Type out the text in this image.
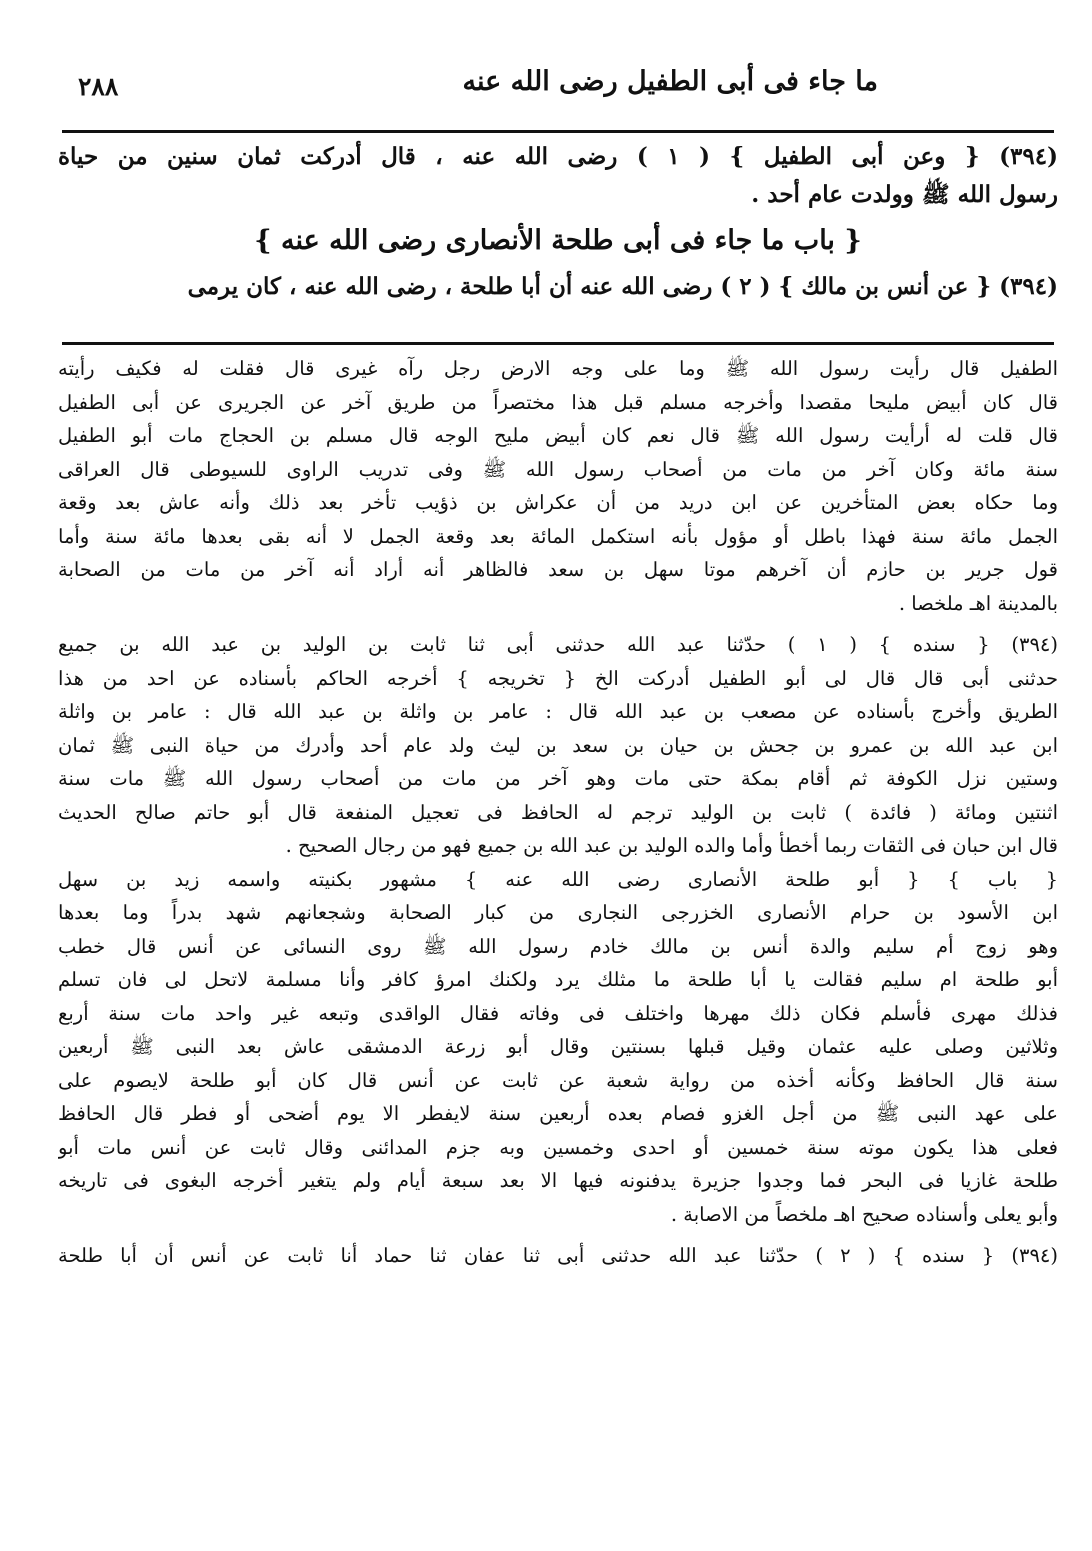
ما جاء فى أبى الطفيل رضى الله عنه
٢٨٨
(٣٩٤) { وعن أبى الطفيل } ( ١ ) رضى الله عنه ، قال أدركت ثمان سنين من حياة
رسول الله ﷺ وولدت عام أحد .
{ باب ما جاء فى أبى طلحة الأنصارى رضى الله عنه }
(٣٩٤) { عن أنس بن مالك } ( ٢ ) رضى الله عنه أن أبا طلحة ، رضى الله عنه ، كان يرمى
الطفيل قال رأيت رسول الله ﷺ وما على وجه الارض رجل رآه غيرى قال فقلت له فكيف رأيته
قال كان أبيض مليحا مقصدا وأخرجه مسلم قبل هذا مختصراً من طريق آخر عن الجريرى عن أبى الطفيل
قال قلت له أرأيت رسول الله ﷺ قال نعم كان أبيض مليح الوجه قال مسلم بن الحجاج مات أبو الطفيل
سنة مائة وكان آخر من مات من أصحاب رسول الله ﷺ وفى تدريب الراوى للسيوطى قال العراقى
وما حكاه بعض المتأخرين عن ابن دريد من أن عكراش بن ذؤيب تأخر بعد ذلك وأنه عاش بعد وقعة
الجمل مائة سنة فهذا باطل أو مؤول بأنه استكمل المائة بعد وقعة الجمل لا أنه بقى بعدها مائة سنة وأما
قول جرير بن حازم أن آخرهم موتا سهل بن سعد فالظاهر أنه أراد أنه آخر من مات من الصحابة
بالمدينة اهـ ملخصا .
(٣٩٤) { سنده } ( ١ ) حدّثنا عبد الله حدثنى أبى ثنا ثابت بن الوليد بن عبد الله بن جميع
حدثنى أبى قال قال لى أبو الطفيل أدركت الخ { تخريجه } أخرجه الحاكم بأسناده عن احد من هذا
الطريق وأخرج بأسناده عن مصعب بن عبد الله قال : عامر بن واثلة بن عبد الله قال : عامر بن واثلة
ابن عبد الله بن عمرو بن جحش بن حيان بن سعد بن ليث ولد عام أحد وأدرك من حياة النبى ﷺ ثمان
وستين نزل الكوفة ثم أقام بمكة حتى مات وهو آخر من مات من أصحاب رسول الله ﷺ مات سنة
اثنتين ومائة ( فائدة ) ثابت بن الوليد ترجم له الحافظ فى تعجيل المنفعة قال أبو حاتم صالح الحديث
قال ابن حبان فى الثقات ربما أخطأ وأما والده الوليد بن عبد الله بن جميع فهو من رجال الصحيح .
{ باب } { أبو طلحة الأنصارى رضى الله عنه } مشهور بكنيته واسمه زيد بن سهل
ابن الأسود بن حرام الأنصارى الخزرجى النجارى من كبار الصحابة وشجعانهم شهد بدراً وما بعدها
وهو زوج أم سليم والدة أنس بن مالك خادم رسول الله ﷺ روى النسائى عن أنس قال خطب
أبو طلحة ام سليم فقالت يا أبا طلحة ما مثلك يرد ولكنك امرؤ كافر وأنا مسلمة لاتحل لى فان تسلم
فذلك مهرى فأسلم فكان ذلك مهرها واختلف فى وفاته فقال الواقدى وتبعه غير واحد مات سنة أربع
وثلاثين وصلى عليه عثمان وقيل قبلها بسنتين وقال أبو زرعة الدمشقى عاش بعد النبى ﷺ أربعين
سنة قال الحافظ وكأنه أخذه من رواية شعبة عن ثابت عن أنس قال كان أبو طلحة لايصوم على
على عهد النبى ﷺ من أجل الغزو فصام بعده أربعين سنة لايفطر الا يوم أضحى أو فطر قال الحافظ
فعلى هذا يكون موته سنة خمسين أو احدى وخمسين وبه جزم المدائنى وقال ثابت عن أنس مات أبو
طلحة غازيا فى البحر فما وجدوا جزيرة يدفنونه فيها الا بعد سبعة أيام ولم يتغير أخرجه البغوى فى تاريخه
وأبو يعلى وأسناده صحيح اهـ ملخصاً من الاصابة .
(٣٩٤) { سنده } ( ٢ ) حدّثنا عبد الله حدثنى أبى ثنا عفان ثنا حماد أنا ثابت عن أنس أن أبا طلحة
